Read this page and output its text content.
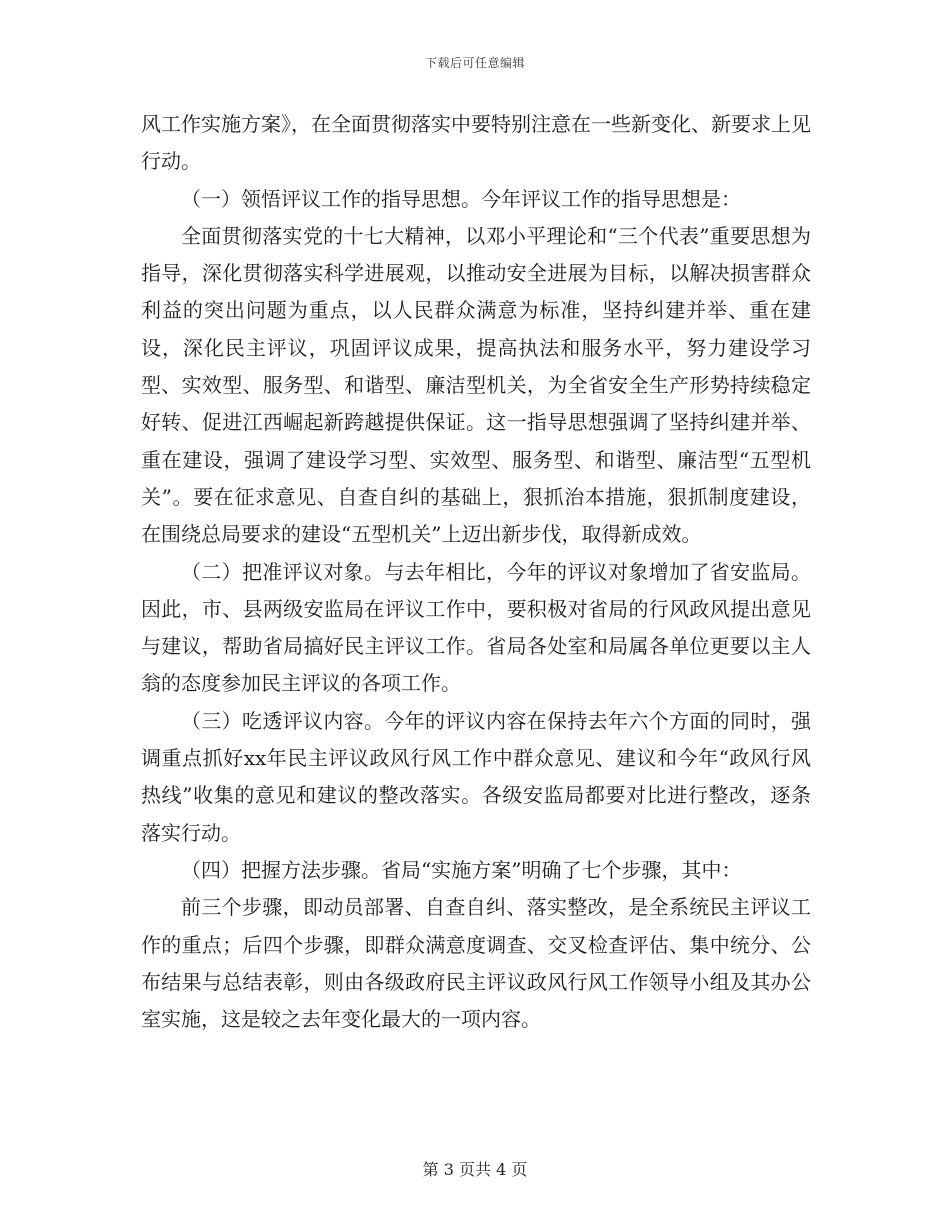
下载后可任意编辑

风工作实施方案》，在全面贯彻落实中要特别注意在一些新变化、新要求上见行动。

（一）领悟评议工作的指导思想。今年评议工作的指导思想是：

全面贯彻落实党的十七大精神，以邓小平理论和“三个代表”重要思想为指导，深化贯彻落实科学进展观，以推动安全进展为目标，以解决损害群众利益的突出问题为重点，以人民群众满意为标准，坚持纠建并举、重在建设，深化民主评议，巩固评议成果，提高执法和服务水平，努力建设学习型、实效型、服务型、和谐型、廉洁型机关，为全省安全生产形势持续稳定好转、促进江西崛起新跨越提供保证。这一指导思想强调了坚持纠建并举、重在建设，强调了建设学习型、实效型、服务型、和谐型、廉洁型“五型机关”。要在征求意见、自查自纠的基础上，狠抓治本措施，狠抓制度建设，在围绕总局要求的建设“五型机关”上迈出新步伐，取得新成效。

（二）把准评议对象。与去年相比，今年的评议对象增加了省安监局。因此，市、县两级安监局在评议工作中，要积极对省局的行风政风提出意见与建议，帮助省局搞好民主评议工作。省局各处室和局属各单位更要以主人翁的态度参加民主评议的各项工作。

（三）吃透评议内容。今年的评议内容在保持去年六个方面的同时，强调重点抓好xx年民主评议政风行风工作中群众意见、建议和今年“政风行风热线”收集的意见和建议的整改落实。各级安监局都要对比进行整改，逐条落实行动。

（四）把握方法步骤。省局“实施方案”明确了七个步骤，其中：

前三个步骤，即动员部署、自查自纠、落实整改，是全系统民主评议工作的重点；后四个步骤，即群众满意度调查、交叉检查评估、集中统分、公布结果与总结表彰，则由各级政府民主评议政风行风工作领导小组及其办公室实施，这是较之去年变化最大的一项内容。

第 3 页共 4 页
